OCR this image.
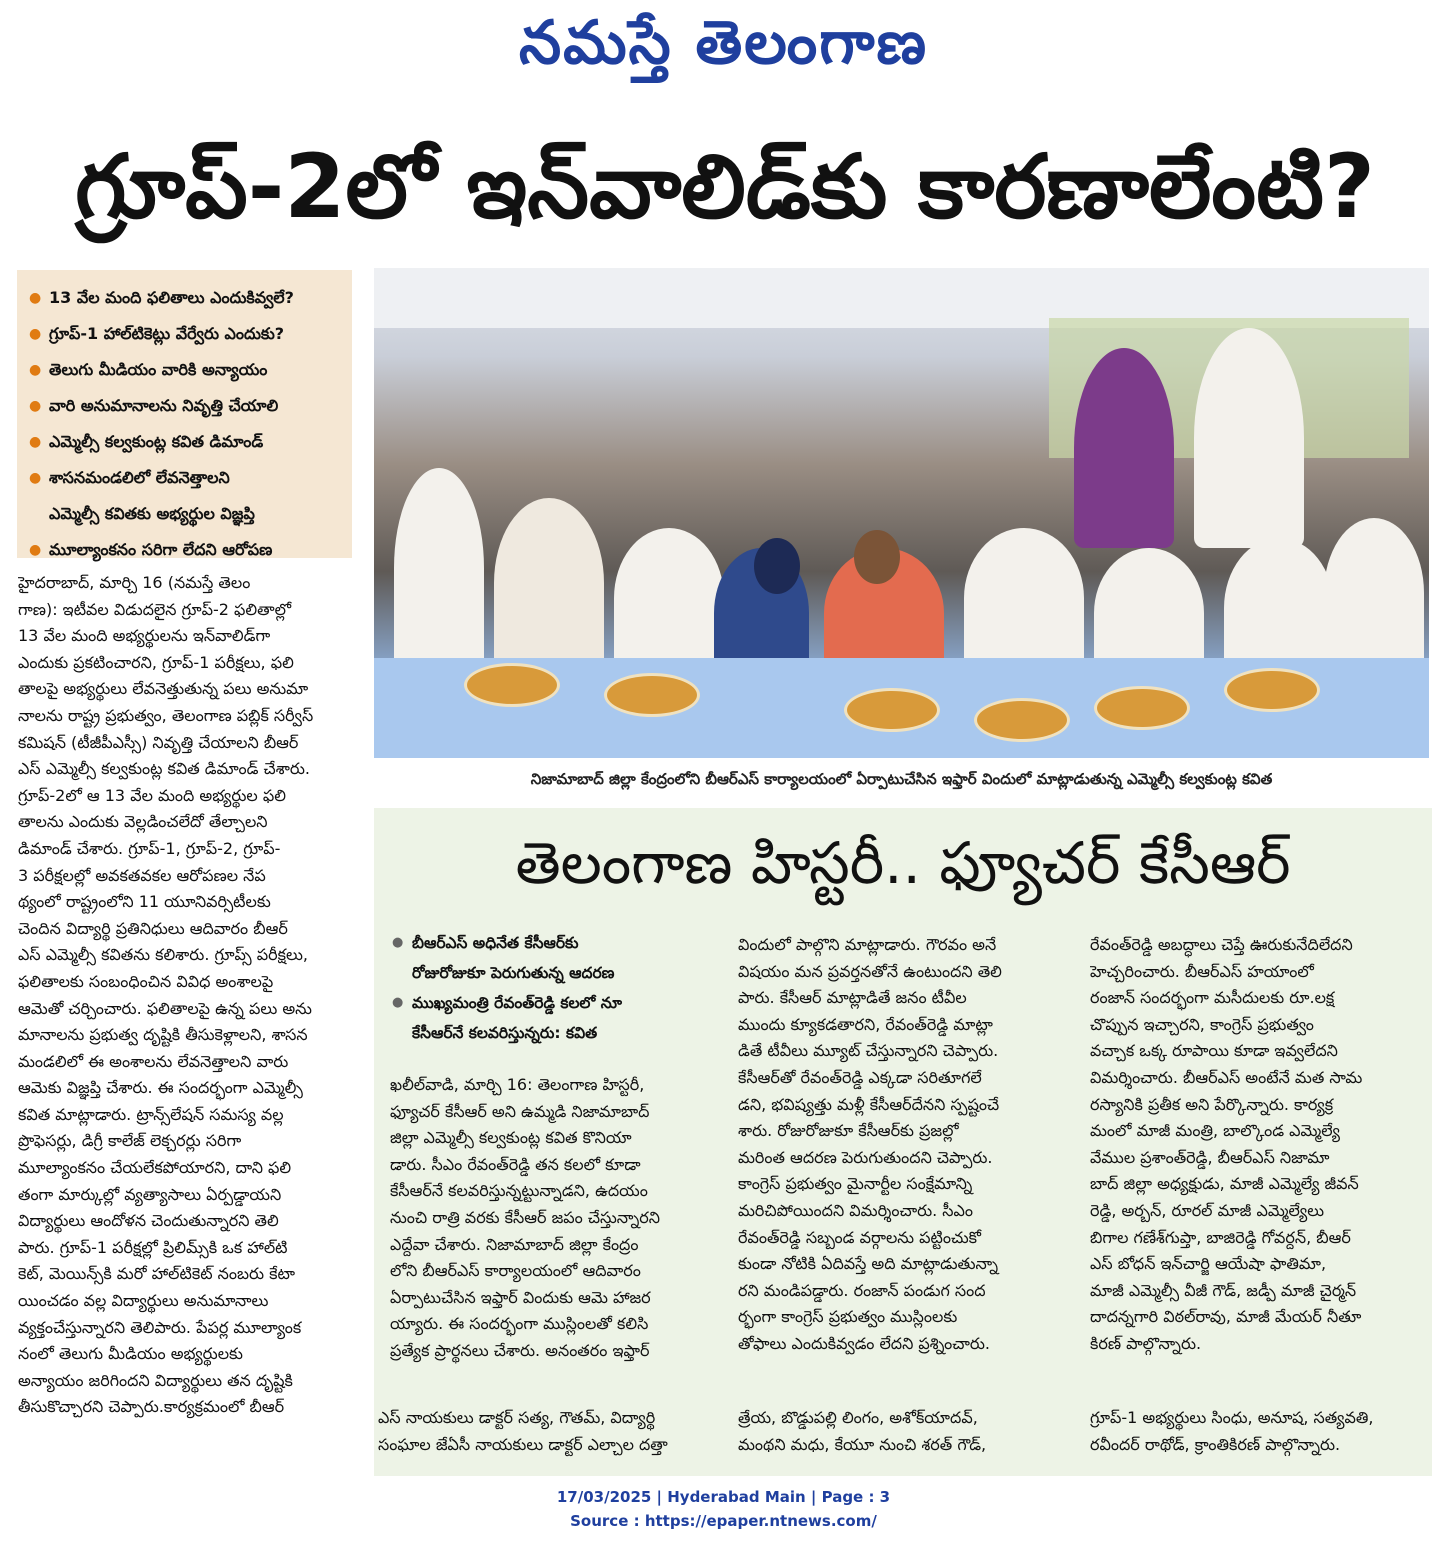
నమస్తే తెలంగాణ
గ్రూప్-2లో ఇన్‌వాలిడ్‌కు కారణాలేంటి?
● 13 వేల మంది ఫలితాలు ఎందుకివ్వలే?
● గ్రూప్-1 హాల్‌టికెట్లు వేర్వేరు ఎందుకు?
● తెలుగు మీడియం వారికి అన్యాయం
● వారి అనుమానాలను నివృత్తి చేయాలి
● ఎమ్మెల్సీ కల్వకుంట్ల కవిత డిమాండ్
● శాసనమండలిలో లేవనెత్తాలని
ఎమ్మెల్సీ కవితకు అభ్యర్థుల విజ్ఞప్తి
● మూల్యాంకనం సరిగా లేదని ఆరోపణ
నిజామాబాద్ జిల్లా కేంద్రంలోని బీఆర్‌ఎస్ కార్యాలయంలో ఏర్పాటుచేసిన ఇఫ్తార్ విందులో మాట్లాడుతున్న ఎమ్మెల్సీ కల్వకుంట్ల కవిత
హైదరాబాద్, మార్చి 16 (నమస్తే తెలం
గాణ): ఇటీవల విడుదలైన గ్రూప్-2 ఫలితాల్లో
13 వేల మంది అభ్యర్థులను ఇన్‌వాలిడ్‌గా
ఎందుకు ప్రకటించారని, గ్రూప్-1 పరీక్షలు, ఫలి
తాలపై అభ్యర్థులు లేవనెత్తుతున్న పలు అనుమా
నాలను రాష్ట్ర ప్రభుత్వం, తెలంగాణ పబ్లిక్ సర్వీస్
కమిషన్ (టీజీపీఎస్సీ) నివృత్తి చేయాలని బీఆర్
ఎస్ ఎమ్మెల్సీ కల్వకుంట్ల కవిత డిమాండ్ చేశారు.
గ్రూప్-2లో ఆ 13 వేల మంది అభ్యర్థుల ఫలి
తాలను ఎందుకు వెల్లడించలేదో తేల్చాలని
డిమాండ్ చేశారు. గ్రూప్-1, గ్రూప్-2, గ్రూప్-
3 పరీక్షలల్లో అవకతవకల ఆరోపణల నేప
థ్యంలో రాష్ట్రంలోని 11 యూనివర్సిటీలకు
చెందిన విద్యార్థి ప్రతినిధులు ఆదివారం బీఆర్
ఎస్ ఎమ్మెల్సీ కవితను కలిశారు. గ్రూప్స్ పరీక్షలు,
ఫలితాలకు సంబంధించిన వివిధ అంశాలపై
ఆమెతో చర్చించారు. ఫలితాలపై ఉన్న పలు అను
మానాలను ప్రభుత్వ దృష్టికి తీసుకెళ్లాలని, శాసన
మండలిలో ఈ అంశాలను లేవనెత్తాలని వారు
ఆమెకు విజ్ఞప్తి చేశారు. ఈ సందర్భంగా ఎమ్మెల్సీ
కవిత మాట్లాడారు. ట్రాన్స్‌లేషన్ సమస్య వల్ల
ప్రొఫెసర్లు, డిగ్రీ కాలేజ్ లెక్చరర్లు సరిగా
మూల్యాంకనం చేయలేకపోయారని, దాని ఫలి
తంగా మార్కుల్లో వ్యత్యాసాలు ఏర్పడ్డాయని
విద్యార్థులు ఆందోళన చెందుతున్నారని తెలి
పారు. గ్రూప్-1 పరీక్షల్లో ప్రిలిమ్స్‌కి ఒక హాల్‌టి
కెట్, మెయిన్స్‌కి మరో హాల్‌టికెట్ నంబరు కేటా
యించడం వల్ల విద్యార్థులు అనుమానాలు
వ్యక్తంచేస్తున్నారని తెలిపారు. పేపర్ల మూల్యాంక
నంలో తెలుగు మీడియం అభ్యర్థులకు
అన్యాయం జరిగిందని విద్యార్థులు తన దృష్టికి
తీసుకొచ్చారని చెప్పారు.కార్యక్రమంలో బీఆర్
తెలంగాణ హిస్టరీ.. ఫ్యూచర్ కేసీఆర్
● బీఆర్‌ఎస్ అధినేత కేసీఆర్‌కు
రోజురోజుకూ పెరుగుతున్న ఆదరణ
● ముఖ్యమంత్రి రేవంత్‌రెడ్డి కలలో నూ
కేసీఆర్‌నే కలవరిస్తున్నరు: కవిత
ఖలీల్‌వాడి, మార్చి 16: తెలంగాణ హిస్టరీ,
ఫ్యూచర్ కేసీఆర్ అని ఉమ్మడి నిజామాబాద్
జిల్లా ఎమ్మెల్సీ కల్వకుంట్ల కవిత కొనియా
డారు. సీఎం రేవంత్‌రెడ్డి తన కలలో కూడా
కేసీఆర్‌నే కలవరిస్తున్నట్టున్నాడని, ఉదయం
నుంచి రాత్రి వరకు కేసీఆర్ జపం చేస్తున్నారని
ఎద్దేవా చేశారు. నిజామాబాద్ జిల్లా కేంద్రం
లోని బీఆర్‌ఎస్ కార్యాలయంలో ఆదివారం
ఏర్పాటుచేసిన ఇఫ్తార్ విందుకు ఆమె హాజర
య్యారు. ఈ సందర్భంగా ముస్లింలతో కలిసి
ప్రత్యేక ప్రార్థనలు చేశారు. అనంతరం ఇఫ్తార్
విందులో పాల్గొని మాట్లాడారు. గౌరవం అనే
విషయం మన ప్రవర్తనతోనే ఉంటుందని తెలి
పారు. కేసీఆర్ మాట్లాడితే జనం టీవీల
ముందు క్యూకడతారని, రేవంత్‌రెడ్డి మాట్లా
డితే టీవీలు మ్యూట్ చేస్తున్నారని చెప్పారు.
కేసీఆర్‌తో రేవంత్‌రెడ్డి ఎక్కడా సరితూగలే
డని, భవిష్యత్తు మళ్లీ కేసీఆర్‌దేనని స్పష్టంచే
శారు. రోజురోజుకూ కేసీఆర్‌కు ప్రజల్లో
మరింత ఆదరణ పెరుగుతుందని చెప్పారు.
కాంగ్రెస్ ప్రభుత్వం మైనార్టీల సంక్షేమాన్ని
మరిచిపోయిందని విమర్శించారు. సీఎం
రేవంత్‌రెడ్డి సబ్బండ వర్గాలను పట్టించుకో
కుండా నోటికి ఏదివస్తే అది మాట్లాడుతున్నా
రని మండిపడ్డారు. రంజాన్ పండుగ సంద
ర్భంగా కాంగ్రెస్ ప్రభుత్వం ముస్లింలకు
తోఫాలు ఎందుకివ్వడం లేదని ప్రశ్నించారు.
రేవంత్‌రెడ్డి అబద్ధాలు చెప్తే ఊరుకునేదిలేదని
హెచ్చరించారు. బీఆర్‌ఎస్ హయాంలో
రంజాన్ సందర్భంగా మసీదులకు రూ.లక్ష
చొప్పున ఇచ్చారని, కాంగ్రెస్ ప్రభుత్వం
వచ్చాక ఒక్క రూపాయి కూడా ఇవ్వలేదని
విమర్శించారు. బీఆర్‌ఎస్ అంటేనే మత సామ
రస్యానికి ప్రతీక అని పేర్కొన్నారు. కార్యక్ర
మంలో మాజీ మంత్రి, బాల్కొండ ఎమ్మెల్యే
వేముల ప్రశాంత్‌రెడ్డి, బీఆర్‌ఎస్ నిజామా
బాద్ జిల్లా అధ్యక్షుడు, మాజీ ఎమ్మెల్యే జీవన్
రెడ్డి, అర్బన్, రూరల్ మాజీ ఎమ్మెల్యేలు
బిగాల గణేశ్‌గుప్తా, బాజిరెడ్డి గోవర్దన్, బీఆర్
ఎస్ బోధన్ ఇన్‌చార్జి ఆయేషా ఫాతిమా,
మాజీ ఎమ్మెల్సీ వీజీ గౌడ్, జడ్పీ మాజీ చైర్మన్
దాదన్నగారి విఠల్‌రావు, మాజీ మేయర్ నీతూ
కిరణ్ పాల్గొన్నారు.
ఎస్ నాయకులు డాక్టర్ సత్య, గౌతమ్, విద్యార్థి
సంఘాల జేఏసీ నాయకులు డాక్టర్ ఎల్చాల దత్తా
త్రేయ, బొడ్డుపల్లి లింగం, అశోక్‌యాదవ్,
మంథని మధు, కేయూ నుంచి శరత్ గౌడ్,
గ్రూప్-1 అభ్యర్థులు సింధు, అనూష, సత్యవతి,
రవీందర్ రాథోడ్, క్రాంతికిరణ్ పాల్గొన్నారు.
17/03/2025 | Hyderabad Main | Page : 3
Source : https://epaper.ntnews.com/
